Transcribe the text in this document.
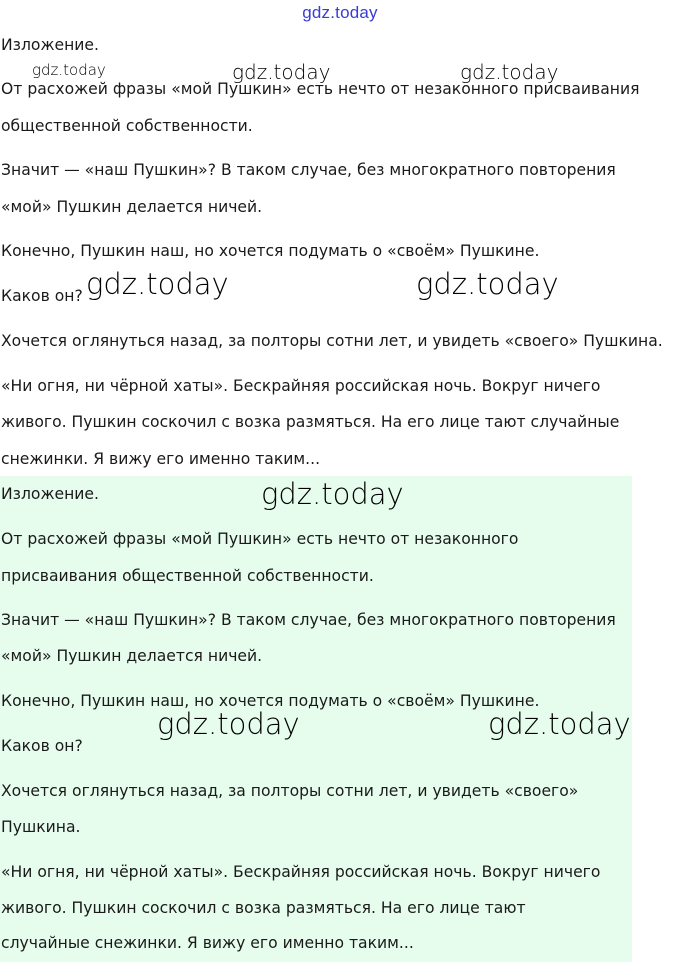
gdz.today
Изложение.
От расхожей фразы «мой Пушкин» есть нечто от незаконного присваивания
общественной собственности.
Значит — «наш Пушкин»? В таком случае, без многократного повторения
«мой» Пушкин делается ничей.
Конечно, Пушкин наш, но хочется подумать о «своём» Пушкине.
Каков он?
Хочется оглянуться назад, за полторы сотни лет, и увидеть «своего» Пушкина.
«Ни огня, ни чёрной хаты». Бескрайняя российская ночь. Вокруг ничего
живого. Пушкин соскочил с возка размяться. На его лице тают случайные
снежинки. Я вижу его именно таким...
Изложение.
От расхожей фразы «мой Пушкин» есть нечто от незаконного
присваивания общественной собственности.
Значит — «наш Пушкин»? В таком случае, без многократного повторения
«мой» Пушкин делается ничей.
Конечно, Пушкин наш, но хочется подумать о «своём» Пушкине.
Каков он?
Хочется оглянуться назад, за полторы сотни лет, и увидеть «своего»
Пушкина.
«Ни огня, ни чёрной хаты». Бескрайняя российская ночь. Вокруг ничего
живого. Пушкин соскочил с возка размяться. На его лице тают
случайные снежинки. Я вижу его именно таким...
gdz.today	gdz.today	gdz.today
gdz.today	gdz.today
gdz.today
gdz.today	gdz.today
